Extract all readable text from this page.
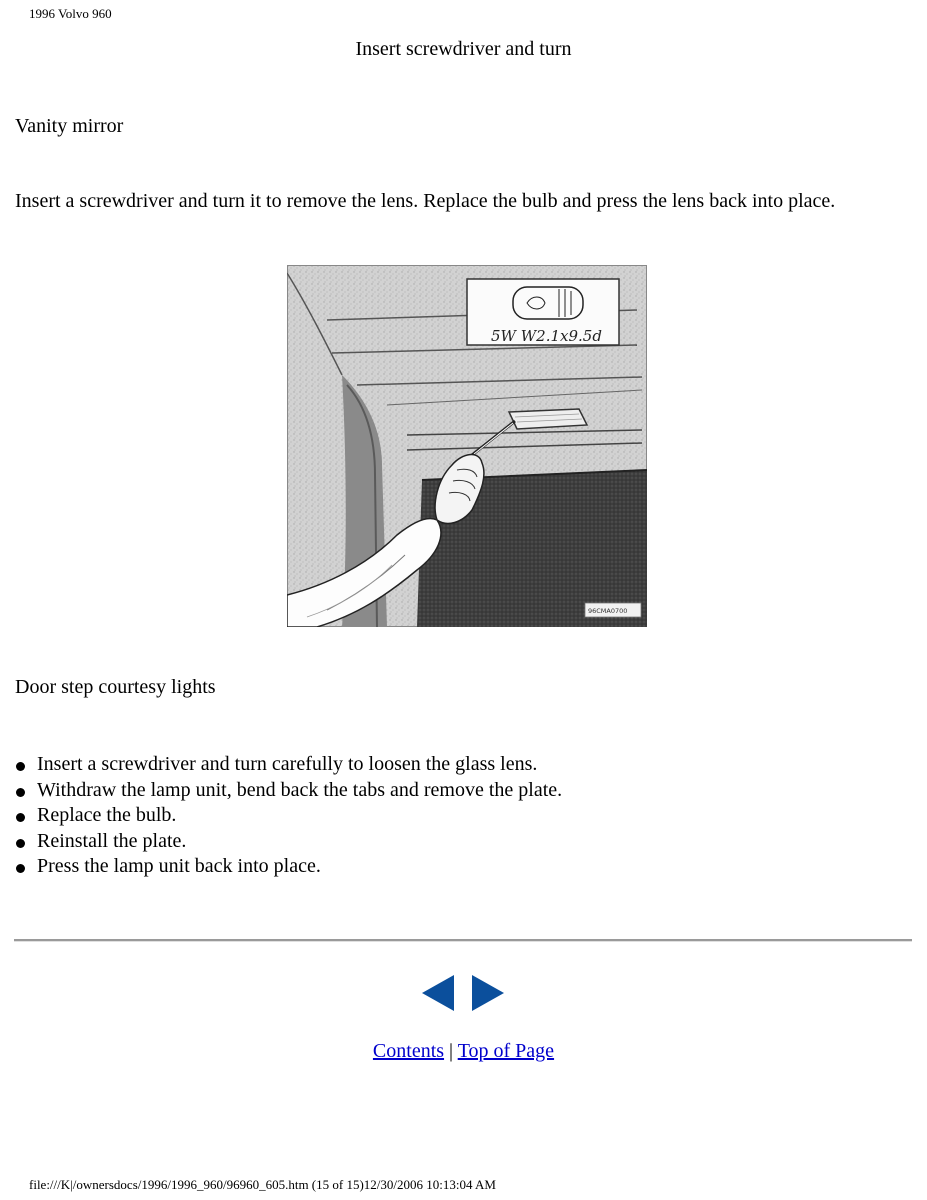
1996 Volvo 960
Insert screwdriver and turn
Vanity mirror
Insert a screwdriver and turn it to remove the lens. Replace the bulb and press the lens back into place.
5W W2.1x9.5d
96CMA0700
Door step courtesy lights
Insert a screwdriver and turn carefully to loosen the glass lens.
Withdraw the lamp unit, bend back the tabs and remove the plate.
Replace the bulb.
Reinstall the plate.
Press the lamp unit back into place.
Contents | Top of Page
file:///K|/ownersdocs/1996/1996_960/96960_605.htm (15 of 15)12/30/2006 10:13:04 AM
